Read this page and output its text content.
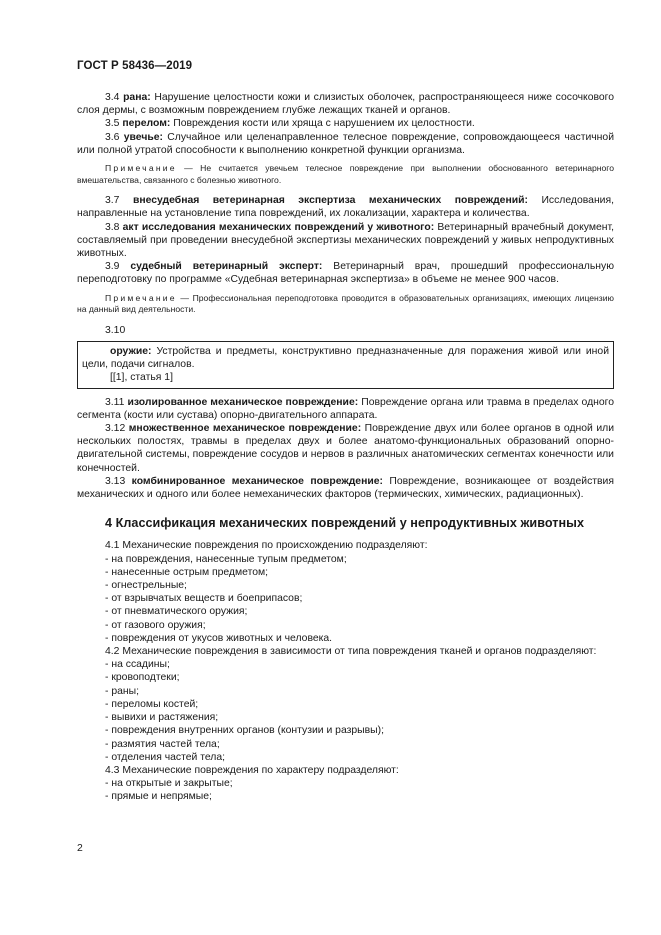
ГОСТ Р 58436—2019

3.4 рана: Нарушение целостности кожи и слизистых оболочек, распространяющееся ниже сосочкового слоя дермы, с возможным повреждением глубже лежащих тканей и органов.

3.5 перелом: Повреждения кости или хряща с нарушением их целостности.

3.6 увечье: Случайное или целенаправленное телесное повреждение, сопровождающееся частичной или полной утратой способности к выполнению конкретной функции организма.

Примечание — Не считается увечьем телесное повреждение при выполнении обоснованного ветеринарного вмешательства, связанного с болезнью животного.

3.7 внесудебная ветеринарная экспертиза механических повреждений: Исследования, направленные на установление типа повреждений, их локализации, характера и количества.

3.8 акт исследования механических повреждений у животного: Ветеринарный врачебный документ, составляемый при проведении внесудебной экспертизы механических повреждений у живых непродуктивных животных.

3.9 судебный ветеринарный эксперт: Ветеринарный врач, прошедший профессиональную переподготовку по программе «Судебная ветеринарная экспертиза» в объеме не менее 900 часов.

Примечание — Профессиональная переподготовка проводится в образовательных организациях, имеющих лицензию на данный вид деятельности.

3.10

оружие: Устройства и предметы, конструктивно предназначенные для поражения живой или иной цели, подачи сигналов.

[[1], статья 1]

3.11 изолированное механическое повреждение: Повреждение органа или травма в пределах одного сегмента (кости или сустава) опорно-двигательного аппарата.

3.12 множественное механическое повреждение: Повреждение двух или более органов в одной или нескольких полостях, травмы в пределах двух и более анатомо-функциональных образований опорно-двигательной системы, повреждение сосудов и нервов в различных анатомических сегментах конечности или конечностей.

3.13 комбинированное механическое повреждение: Повреждение, возникающее от воздействия механических и одного или более немеханических факторов (термических, химических, радиационных).

4 Классификация механических повреждений у непродуктивных животных

4.1 Механические повреждения по происхождению подразделяют:

- на повреждения, нанесенные тупым предметом;
- нанесенные острым предметом;
- огнестрельные;
- от взрывчатых веществ и боеприпасов;
- от пневматического оружия;
- от газового оружия;
- повреждения от укусов животных и человека.

4.2 Механические повреждения в зависимости от типа повреждения тканей и органов подразделяют:

- на ссадины;
- кровоподтеки;
- раны;
- переломы костей;
- вывихи и растяжения;
- повреждения внутренних органов (контузии и разрывы);
- размятия частей тела;
- отделения частей тела;

4.3 Механические повреждения по характеру подразделяют:

- на открытые и закрытые;
- прямые и непрямые;
2
